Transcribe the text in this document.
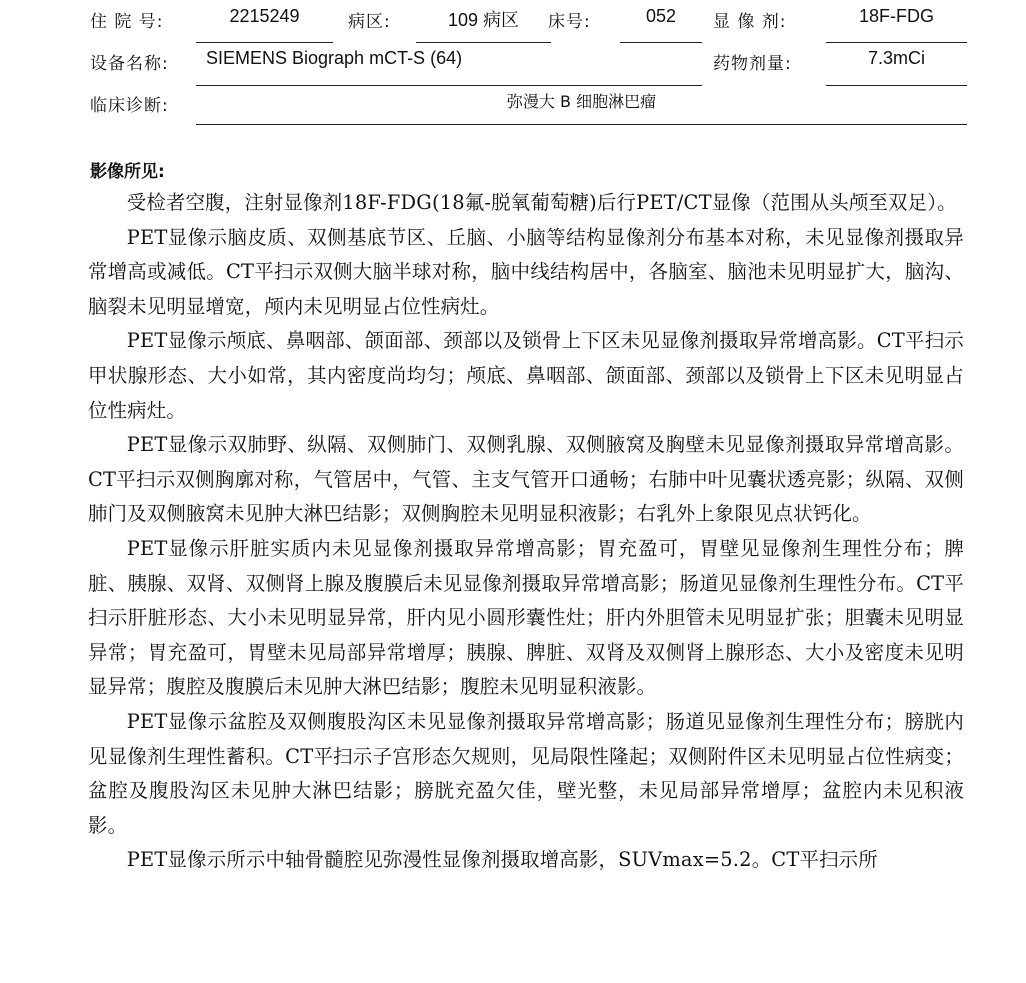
住 院 号:	2215249	病区:	109 病区	床号:	052	显 像 剂:	18F-FDG
设备名称: SIEMENS Biograph mCT-S (64)	药物剂量:	7.3mCi
临床诊断:	弥漫大 B 细胞淋巴瘤
影像所见:

受检者空腹，注射显像剂18F-FDG(18氟-脱氧葡萄糖)后行PET/CT显像（范围从头颅至双足）。

PET显像示脑皮质、双侧基底节区、丘脑、小脑等结构显像剂分布基本对称，未见显像剂摄取异常增高或减低。CT平扫示双侧大脑半球对称，脑中线结构居中，各脑室、脑池未见明显扩大，脑沟、脑裂未见明显增宽，颅内未见明显占位性病灶。

PET显像示颅底、鼻咽部、颌面部、颈部以及锁骨上下区未见显像剂摄取异常增高影。CT平扫示甲状腺形态、大小如常，其内密度尚均匀；颅底、鼻咽部、颌面部、颈部以及锁骨上下区未见明显占位性病灶。

PET显像示双肺野、纵隔、双侧肺门、双侧乳腺、双侧腋窝及胸壁未见显像剂摄取异常增高影。CT平扫示双侧胸廓对称，气管居中，气管、主支气管开口通畅；右肺中叶见囊状透亮影；纵隔、双侧肺门及双侧腋窝未见肿大淋巴结影；双侧胸腔未见明显积液影；右乳外上象限见点状钙化。

PET显像示肝脏实质内未见显像剂摄取异常增高影；胃充盈可，胃壁见显像剂生理性分布；脾脏、胰腺、双肾、双侧肾上腺及腹膜后未见显像剂摄取异常增高影；肠道见显像剂生理性分布。CT平扫示肝脏形态、大小未见明显异常，肝内见小圆形囊性灶；肝内外胆管未见明显扩张；胆囊未见明显异常；胃充盈可，胃壁未见局部异常增厚；胰腺、脾脏、双肾及双侧肾上腺形态、大小及密度未见明显异常；腹腔及腹膜后未见肿大淋巴结影；腹腔未见明显积液影。

PET显像示盆腔及双侧腹股沟区未见显像剂摄取异常增高影；肠道见显像剂生理性分布；膀胱内见显像剂生理性蓄积。CT平扫示子宫形态欠规则，见局限性隆起；双侧附件区未见明显占位性病变；盆腔及腹股沟区未见肿大淋巴结影；膀胱充盈欠佳，壁光整，未见局部异常增厚；盆腔内未见积液影。

PET显像示所示中轴骨髓腔见弥漫性显像剂摄取增高影，SUVmax=5.2。CT平扫示所
